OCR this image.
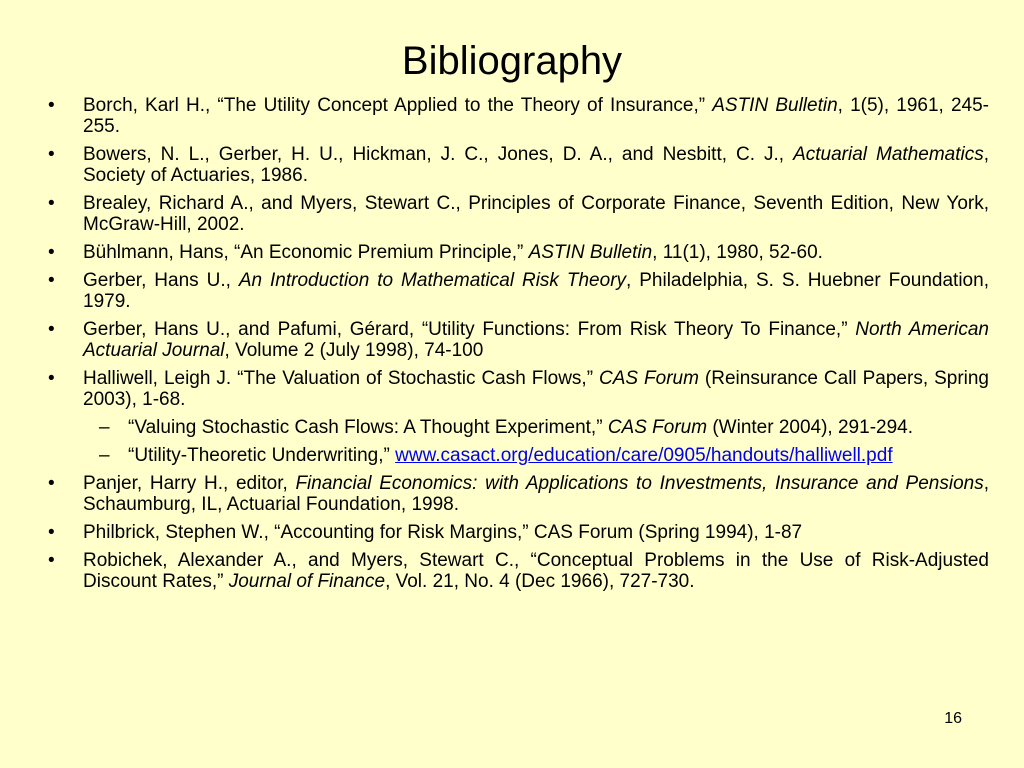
Bibliography
• Borch, Karl H., “The Utility Concept Applied to the Theory of Insurance,” ASTIN Bulletin, 1(5), 1961, 245-255.
• Bowers, N. L., Gerber, H. U., Hickman, J. C., Jones, D. A., and Nesbitt, C. J., Actuarial Mathematics, Society of Actuaries, 1986.
• Brealey, Richard A., and Myers, Stewart C., Principles of Corporate Finance, Seventh Edition, New York, McGraw-Hill, 2002.
• Bühlmann, Hans, “An Economic Premium Principle,” ASTIN Bulletin, 11(1), 1980, 52-60.
• Gerber, Hans U., An Introduction to Mathematical Risk Theory, Philadelphia, S. S. Huebner Foundation, 1979.
• Gerber, Hans U., and Pafumi, Gérard, “Utility Functions: From Risk Theory To Finance,” North American Actuarial Journal, Volume 2 (July 1998), 74-100
• Halliwell, Leigh J. “The Valuation of Stochastic Cash Flows,” CAS Forum (Reinsurance Call Papers, Spring 2003), 1-68.
– “Valuing Stochastic Cash Flows: A Thought Experiment,” CAS Forum (Winter 2004), 291-294.
– “Utility-Theoretic Underwriting,” www.casact.org/education/care/0905/handouts/halliwell.pdf
• Panjer, Harry H., editor, Financial Economics: with Applications to Investments, Insurance and Pensions, Schaumburg, IL, Actuarial Foundation, 1998.
• Philbrick, Stephen W., “Accounting for Risk Margins,” CAS Forum (Spring 1994), 1-87
• Robichek, Alexander A., and Myers, Stewart C., “Conceptual Problems in the Use of Risk-Adjusted Discount Rates,” Journal of Finance, Vol. 21, No. 4 (Dec 1966), 727-730.
16
